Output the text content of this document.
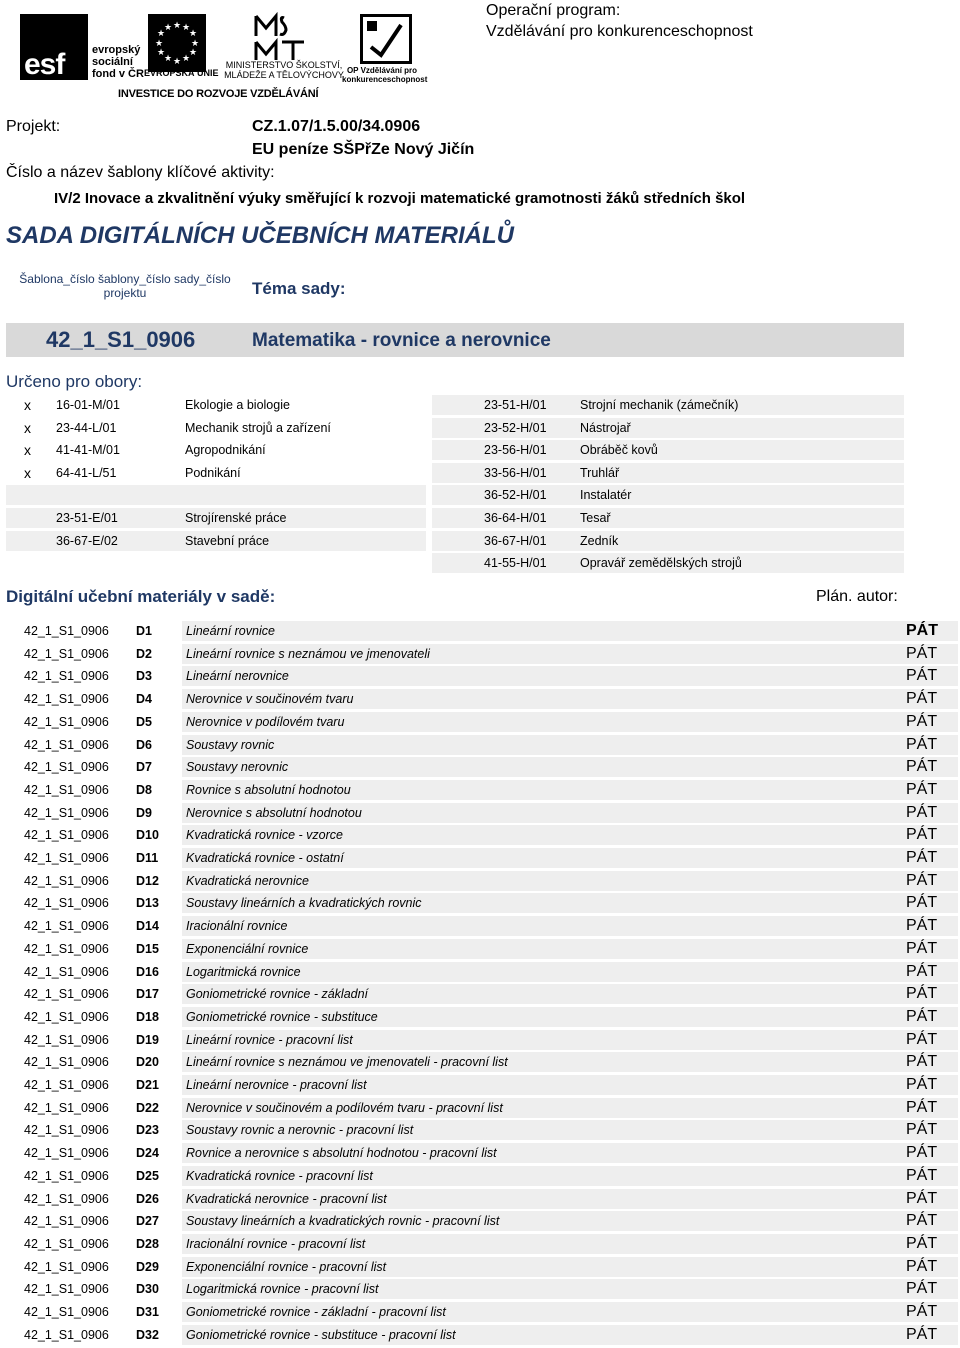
esf	evropský sociální fond v ČR
★ ★
★
★
★
★
★
★
★
★
★
★
EVROPSKÁ UNIE
MINISTERSTVO ŠKOLSTVÍ, MLÁDEŽE A TĚLOVÝCHOVY OP Vzdělávání pro konkurenceschopnost
INVESTICE DO ROZVOJE VZDĚLÁVÁNÍ
Operační program:
Vzdělávání pro konkurenceschopnost
Projekt:	CZ.1.07/1.5.00/34.0906
EU peníze SŠPřZe Nový Jičín
Číslo a název šablony klíčové aktivity:
IV/2 Inovace a zkvalitnění výuky směřující k rozvoji matematické gramotnosti žáků středních škol
SADA DIGITÁLNÍCH UČEBNÍCH MATERIÁLŮ
Šablona_číslo šablony_číslo sady_číslo
projektu	Téma sady:
42_1_S1_0906	Matematika - rovnice a nerovnice
Určeno pro obory:
x 16-01-M/01	Ekologie a biologie
x 23-44-L/01	Mechanik strojů a zařízení
x 41-41-M/01	Agropodnikání
x 64-41-L/51	Podnikání
23-51-E/01	Strojírenské práce
36-67-E/02	Stavební práce
23-51-H/01	Strojní mechanik (zámečník)
23-52-H/01	Nástrojař
23-56-H/01	Obráběč kovů
33-56-H/01	Truhlář
36-52-H/01	Instalatér
36-64-H/01	Tesař
36-67-H/01	Zedník
41-55-H/01	Opravář zemědělských strojů
Digitální učební materiály v sadě:	Plán. autor:
42_1_S1_0906 D1	Lineární rovnice	PÁT
42_1_S1_0906 D2	Lineární rovnice s neznámou ve jmenovateli	PÁT
42_1_S1_0906 D3	Lineární nerovnice	PÁT
42_1_S1_0906 D4	Nerovnice v součinovém tvaru	PÁT
42_1_S1_0906 D5	Nerovnice v podílovém tvaru	PÁT
42_1_S1_0906 D6	Soustavy rovnic	PÁT
42_1_S1_0906 D7	Soustavy nerovnic	PÁT
42_1_S1_0906 D8	Rovnice s absolutní hodnotou	PÁT
42_1_S1_0906 D9	Nerovnice s absolutní hodnotou	PÁT
42_1_S1_0906 D10 Kvadratická rovnice - vzorce	PÁT
42_1_S1_0906 D11 Kvadratická rovnice - ostatní	PÁT
42_1_S1_0906 D12 Kvadratická nerovnice	PÁT
42_1_S1_0906 D13 Soustavy lineárních a kvadratických rovnic	PÁT
42_1_S1_0906 D14 Iracionální rovnice	PÁT
42_1_S1_0906 D15 Exponenciální rovnice	PÁT
42_1_S1_0906 D16 Logaritmická rovnice	PÁT
42_1_S1_0906 D17 Goniometrické rovnice - základní	PÁT
42_1_S1_0906 D18 Goniometrické rovnice - substituce	PÁT
42_1_S1_0906 D19 Lineární rovnice - pracovní list	PÁT
42_1_S1_0906 D20 Lineární rovnice s neznámou ve jmenovateli - pracovní list	PÁT
42_1_S1_0906 D21 Lineární nerovnice - pracovní list	PÁT
42_1_S1_0906 D22 Nerovnice v součinovém a podílovém tvaru - pracovní list	PÁT
42_1_S1_0906 D23 Soustavy rovnic a nerovnic - pracovní list	PÁT
42_1_S1_0906 D24 Rovnice a nerovnice s absolutní hodnotou - pracovní list	PÁT
42_1_S1_0906 D25 Kvadratická rovnice - pracovní list	PÁT
42_1_S1_0906 D26 Kvadratická nerovnice - pracovní list	PÁT
42_1_S1_0906 D27 Soustavy lineárních a kvadratických rovnic - pracovní list	PÁT
42_1_S1_0906 D28 Iracionální rovnice - pracovní list	PÁT
42_1_S1_0906 D29 Exponenciální rovnice - pracovní list	PÁT
42_1_S1_0906 D30 Logaritmická rovnice - pracovní list	PÁT
42_1_S1_0906 D31 Goniometrické rovnice - základní - pracovní list	PÁT
42_1_S1_0906 D32 Goniometrické rovnice - substituce - pracovní list	PÁT
